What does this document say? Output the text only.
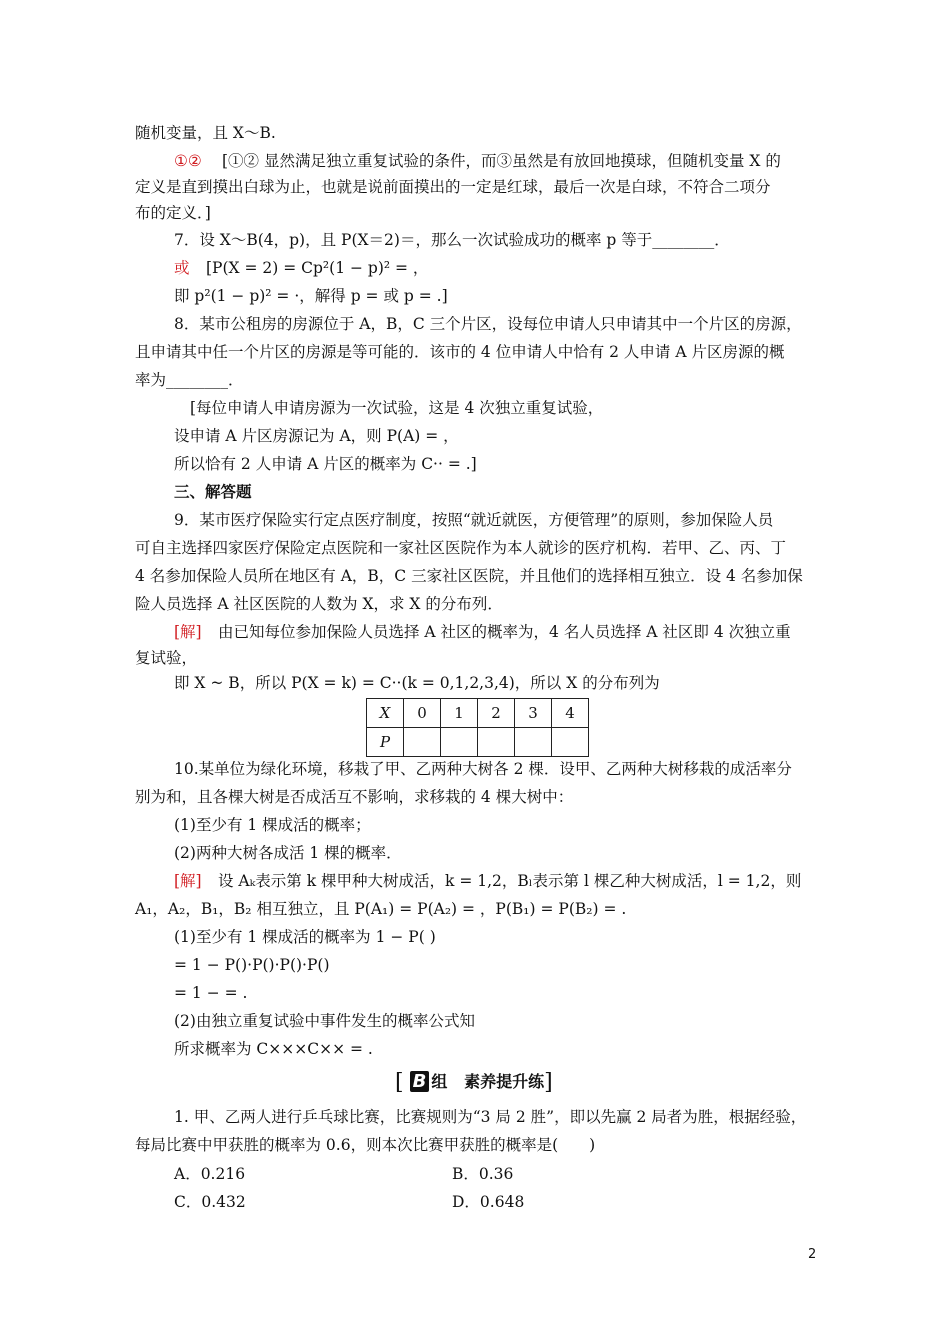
随机变量，且 X～B.
①②	[①② 显然满足独立重复试验的条件，而③虽然是有放回地摸球，但随机变量 X 的
定义是直到摸出白球为止，也就是说前面摸出的一定是红球，最后一次是白球，不符合二项分
布的定义．]
7．设 X～B(4，p)，且 P(X＝2)＝，那么一次试验成功的概率 p 等于________．
或	[P(X = 2) = Cp²(1 − p)² = ，
即 p²(1 − p)² = ·，解得 p = 或 p = .]
8．某市公租房的房源位于 A，B，C 三个片区，设每位申请人只申请其中一个片区的房源，
且申请其中任一个片区的房源是等可能的．该市的 4 位申请人中恰有 2 人申请 A 片区房源的概
率为________．
[每位申请人申请房源为一次试验，这是 4 次独立重复试验，
设申请 A 片区房源记为 A，则 P(A) = ，
所以恰有 2 人申请 A 片区的概率为 C·· = .]
三、解答题
9．某市医疗保险实行定点医疗制度，按照“就近就医，方便管理”的原则，参加保险人员
可自主选择四家医疗保险定点医院和一家社区医院作为本人就诊的医疗机构．若甲、乙、丙、丁
4 名参加保险人员所在地区有 A，B，C 三家社区医院，并且他们的选择相互独立．设 4 名参加保
险人员选择 A 社区医院的人数为 X，求 X 的分布列．
[解]	由已知每位参加保险人员选择 A 社区的概率为，4 名人员选择 A 社区即 4 次独立重
复试验，
即 X ~ B，所以 P(X = k) = C··(k = 0,1,2,3,4)，所以 X 的分布列为
X	0	1	2	3	4
P					
10.某单位为绿化环境，移栽了甲、乙两种大树各 2 棵．设甲、乙两种大树移栽的成活率分
别为和，且各棵大树是否成活互不影响，求移栽的 4 棵大树中：
(1)至少有 1 棵成活的概率；
(2)两种大树各成活 1 棵的概率．
[解]	设 Aₖ表示第 k 棵甲种大树成活，k = 1,2，Bₗ表示第 l 棵乙种大树成活，l = 1,2，则
A₁，A₂，B₁，B₂ 相互独立，且 P(A₁) = P(A₂) = ，P(B₁) = P(B₂) = .
(1)至少有 1 棵成活的概率为 1 − P( )
= 1 − P()·P()·P()·P()
= 1 − = .
(2)由独立重复试验中事件发生的概率公式知
所求概率为 C×××C×× = .
[ B 组 素养提升练]
1. 甲、乙两人进行乒乓球比赛，比赛规则为“3 局 2 胜”，即以先赢 2 局者为胜，根据经验，
每局比赛中甲获胜的概率为 0.6，则本次比赛甲获胜的概率是(　　)
A．0.216	B．0.36
C．0.432	D．0.648
2
